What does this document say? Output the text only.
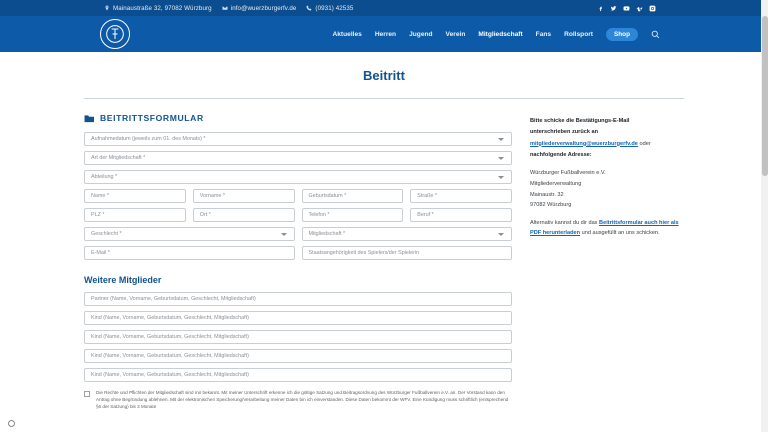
Mainaustraße 32, 97082 Würzburg	info@wuerzburgerfv.de	(0931) 42535
Aktuelles Herren Jugend Verein Mitgliedschaft Fans Rollsport	Shop
Beitritt
BEITRITTSFORMULAR
Aufnahmedatum (jeweils zum 01. des Monats) *
Art der Mitgliedschaft *
Abteilung *
Name *	Vorname *	Geburtsdatum *	Straße *
PLZ *	Ort *	Telefon *	Beruf *
Geschlecht *	Mitgliedschaft *
E-Mail *	Staatsangehörigkeit des Spielers/der Spielerin
Weitere Mitglieder
Partner (Name, Vorname, Geburtsdatum, Geschlecht, Mitgliedschaft)
Kind (Name, Vorname, Geburtsdatum, Geschlecht, Mitgliedschaft)
Kind (Name, Vorname, Geburtsdatum, Geschlecht, Mitgliedschaft)
Kind (Name, Vorname, Geburtsdatum, Geschlecht, Mitgliedschaft)
Kind (Name, Vorname, Geburtsdatum, Geschlecht, Mitgliedschaft)
Die Rechte und Pflichten der Mitgliedschaft sind mir bekannt. Mit meiner Unterschrift erkenne ich die gültige Satzung und Beitragsordnung des Würzburger Fußballverein e.V. an. Der Vorstand kann den Antrag ohne Begründung ablehnen. Mit der elektronischen Speicherung/Verarbeitung meiner Daten bin ich einverstanden. Diese Daten bekommt der WFV. Eine Kündigung muss schriftlich (entsprechend §6 der Satzung) bis 3 Monate

Bitte schicke die Bestätigungs-E-Mail

unterschrieben zurück an

mitgliederverwaltung@wuerzburgerfv.de oder

nachfolgende Adresse:

Würzburger Fußballverein e.V.

Mitgliederverwaltung

Mainaustr. 32

97082 Würzburg

Alternativ kannst du dir das Beitrittsformular auch hier als PDF herunterladen und ausgefüllt an uns schicken.
